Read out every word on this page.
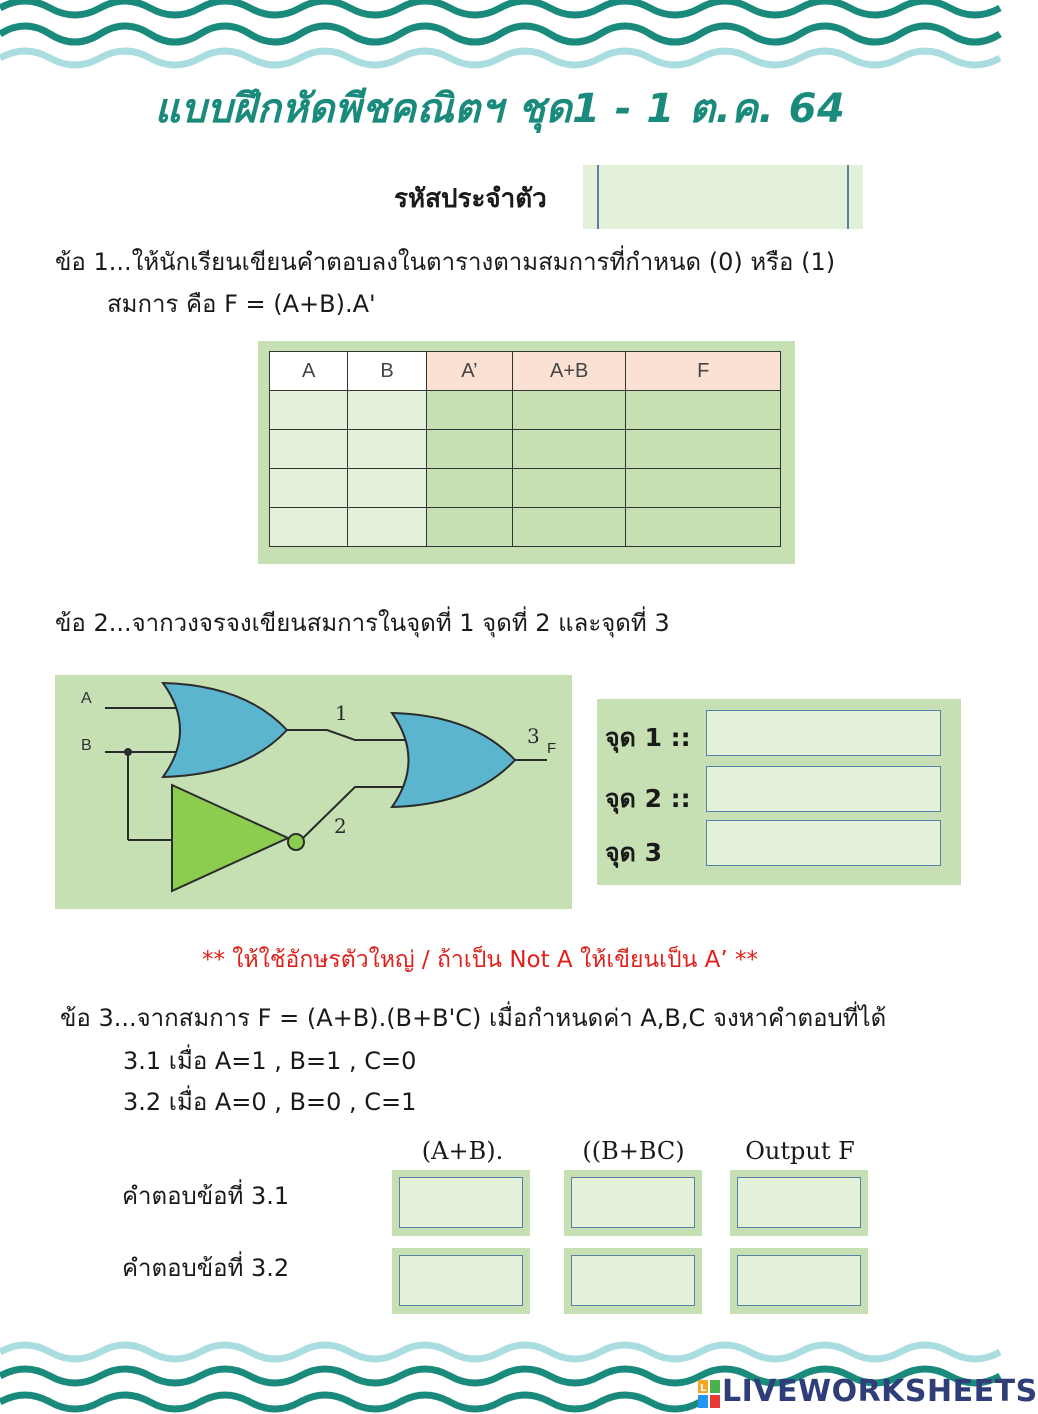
แบบฝึกหัดพีชคณิตฯ ชุด1 - 1 ต.ค. 64
รหัสประจำตัว
ข้อ 1...ให้นักเรียนเขียนคำตอบลงในตารางตามสมการที่กำหนด (0) หรือ (1)
สมการ คือ F = (A+B).A'
A	B	A’	A+B	F

ข้อ 2...จากวงจรจงเขียนสมการในจุดที่ 1 จุดที่ 2 และจุดที่ 3
A
B
1
2
3
F จุด 1 ::
จุด 2 ::
จุด 3
** ให้ใช้อักษรตัวใหญ่ / ถ้าเป็น Not A ให้เขียนเป็น A’ **
ข้อ 3...จากสมการ F = (A+B).(B+B'C) เมื่อกำหนดค่า A,B,C จงหาคำตอบที่ได้
3.1 เมื่อ A=1 , B=1 , C=0
3.2 เมื่อ A=0 , B=0 , C=1
(A+B).	((B+BC)	Output F
คำตอบข้อที่ 3.1
คำตอบข้อที่ 3.2
L LIVEWORKSHEETS
